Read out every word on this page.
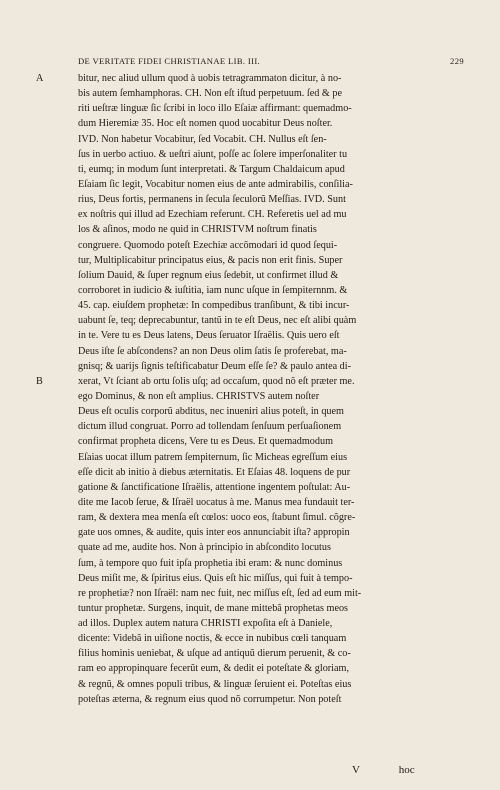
DE VERITATE FIDEI CHRISTIANAE LIB. III.	229
A	bitur, nec aliud ullum quod à uobis tetragrammaton dicitur, à no-
bis autem ſemhamphoras. CH. Non eſt iſtud perpetuum. ſed & pe
riti ueſtræ linguæ ſic ſcribi in loco illo Eſaiæ affirmant: quemadmo-
dum Hieremiæ 35. Hoc eſt nomen quod uocabitur Deus noſter.
IVD. Non habetur Vocabitur, ſed Vocabit. CH. Nullus eſt ſen-
ſus in uerbo actiuo. & ueſtri aiunt, poſſe ac ſolere imperſonaliter tu
ti, eumq; in modum ſunt interpretati. & Targum Chaldaicum apud
Eſaiam ſic legit, Vocabitur nomen eius de ante admirabilis, conſilia-
rius, Deus fortis, permanens in ſecula ſeculorũ Meſſias. IVD. Sunt
ex noſtris qui illud ad Ezechiam referunt. CH. Referetis uel ad mu
los & aſinos, modo ne quid in CHRISTVM noſtrum finatis
congruere. Quomodo poteſt Ezechiæ accõmodari id quod ſequi-
tur, Multiplicabitur principatus eius, & pacis non erit finis. Super
ſolium Dauid, & ſuper regnum eius ſedebit, ut confirmet illud &
corroboret in iudicio & iuſtitia, iam nunc uſque in ſempiternnm. &
45. cap. eiuſdem prophetæ: In compedibus tranſibunt, & tibi incur-
uabunt ſe, teq; deprecabuntur, tantũ in te eſt Deus, nec eſt alibi quàm
in te. Vere tu es Deus latens, Deus ſeruator Iſraëlis. Quis uero eſt
Deus iſte ſe abſcondens? an non Deus olim ſatis ſe proferebat, ma-
gnisq; & uarijs ſignis teſtificabatur Deum eſſe ſe? & paulo antea di-
B	xerat, Vt ſciant ab ortu ſolis uſq; ad occaſum, quod nõ eſt præter me.
ego Dominus, & non eſt amplius. CHRISTVS autem noſter
Deus eſt oculis corporũ abditus, nec inueniri alius poteſt, in quem
dictum illud congruat. Porro ad tollendam ſenſuum perſuaſionem
confirmat propheta dicens, Vere tu es Deus. Et quemadmodum
Eſaias uocat illum patrem ſempiternum, ſic Micheas egreſſum eius
eſſe dicit ab initio à diebus æternitatis. Et Eſaias 48. loquens de pur
gatione & ſanctificatione Iſraëlis, attentione ingentem poſtulat: Au-
dite me Iacob ſerue, & Iſraël uocatus à me. Manus mea fundauit ter-
ram, & dextera mea menſa eſt cœlos: uoco eos, ſtabunt ſimul. cõgre-
gate uos omnes, & audite, quis inter eos annunciabit iſta? appropin
quate ad me, audite hos. Non à principio in abſcondito locutus
ſum, à tempore quo fuit ipſa prophetia ibi eram: & nunc dominus
Deus miſit me, & ſpiritus eius. Quis eſt hic miſſus, qui fuit à tempo-
re prophetiæ? non Iſraël: nam nec fuit, nec miſſus eſt, ſed ad eum mit-
tuntur prophetæ. Surgens, inquit, de mane mittebã prophetas meos
ad illos. Duplex autem natura CHRISTI expoſita eſt à Daniele,
dicente: Videbã in uiſione noctis, & ecce in nubibus cœli tanquam
filius hominis ueniebat, & uſque ad antiquũ dierum peruenit, & co-
ram eo appropinquare fecerũt eum, & dedit ei poteſtate & gloriam,
& regnũ, & omnes populi tribus, & linguæ ſeruient ei. Poteſtas eius
poteſtas æterna, & regnum eius quod nõ corrumpetur. Non poteſt
V	hoc
